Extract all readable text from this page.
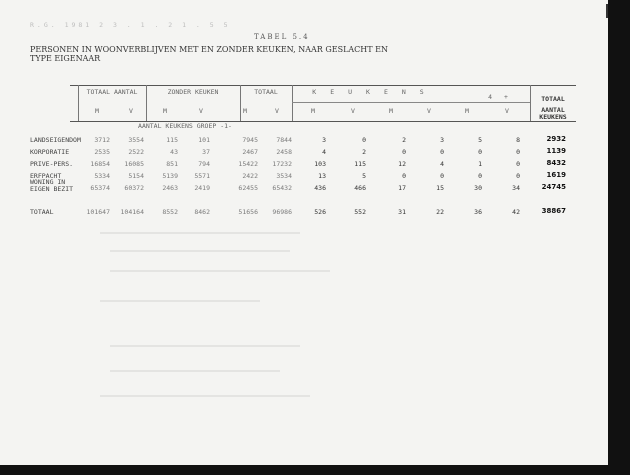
R.G. 1981 2 3 . 1 . 2 1 . 5 5
TABEL 5.4
PERSONEN IN WOONVERBLIJVEN MET EN ZONDER KEUKEN, NAAR GESLACHT EN
TYPE EIGENAAR
TOTAAL AANTAL	ZONDER KEUKEN	TOTAAL	KEUKENS
4 +	TOTAAL
AANTAL KEUKENS
M	V	M	V	M	V	M	V	M	V	M	V
AANTAL KEUKENS GROEP -1-
LANDSEIGENDOM	3712	3554	115	101	7945	7844	3	0	2	3	5	8	2932
KORPORATIE	2535	2522	43	37	2467	2458	4	2	0	0	0	0	1139
PRIVE-PERS.	16854	16085	851	794	15422	17232	103	115	12	4	1	0	8432
ERFPACHT	5334	5154	5139	5571	2422	3534	13	5	0	0	0	0	1619
WONING IN EIGEN BEZIT	65374	60372	2463	2419	62455	65432	436	466	17	15	30	34	24745
TOTAAL	101647	104164	8552	8462	51656	96986	526	552	31	22	36	42	38867
